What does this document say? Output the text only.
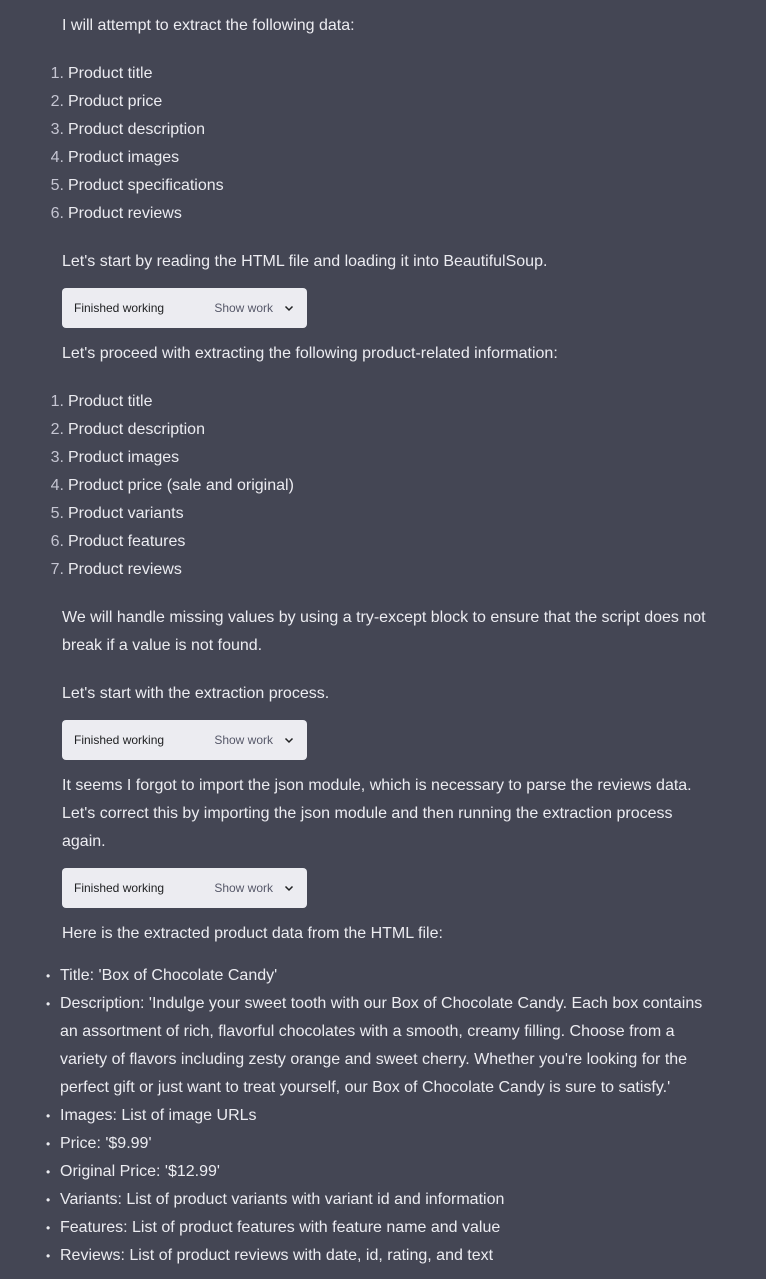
I will attempt to extract the following data:
1. Product title
2. Product price
3. Product description
4. Product images
5. Product specifications
6. Product reviews
Let's start by reading the HTML file and loading it into BeautifulSoup.
Finished working	Show work
Let's proceed with extracting the following product-related information:
1. Product title
2. Product description
3. Product images
4. Product price (sale and original)
5. Product variants
6. Product features
7. Product reviews
We will handle missing values by using a try-except block to ensure that the script does not
break if a value is not found.
Let's start with the extraction process.
Finished working	Show work
It seems I forgot to import the json module, which is necessary to parse the reviews data.
Let's correct this by importing the json module and then running the extraction process
again.
Finished working	Show work
Here is the extracted product data from the HTML file:
• Title: 'Box of Chocolate Candy'
• Description: 'Indulge your sweet tooth with our Box of Chocolate Candy. Each box contains
an assortment of rich, flavorful chocolates with a smooth, creamy filling. Choose from a
variety of flavors including zesty orange and sweet cherry. Whether you're looking for the
perfect gift or just want to treat yourself, our Box of Chocolate Candy is sure to satisfy.'
• Images: List of image URLs
• Price: '$9.99'
• Original Price: '$12.99'
• Variants: List of product variants with variant id and information
• Features: List of product features with feature name and value
• Reviews: List of product reviews with date, id, rating, and text
